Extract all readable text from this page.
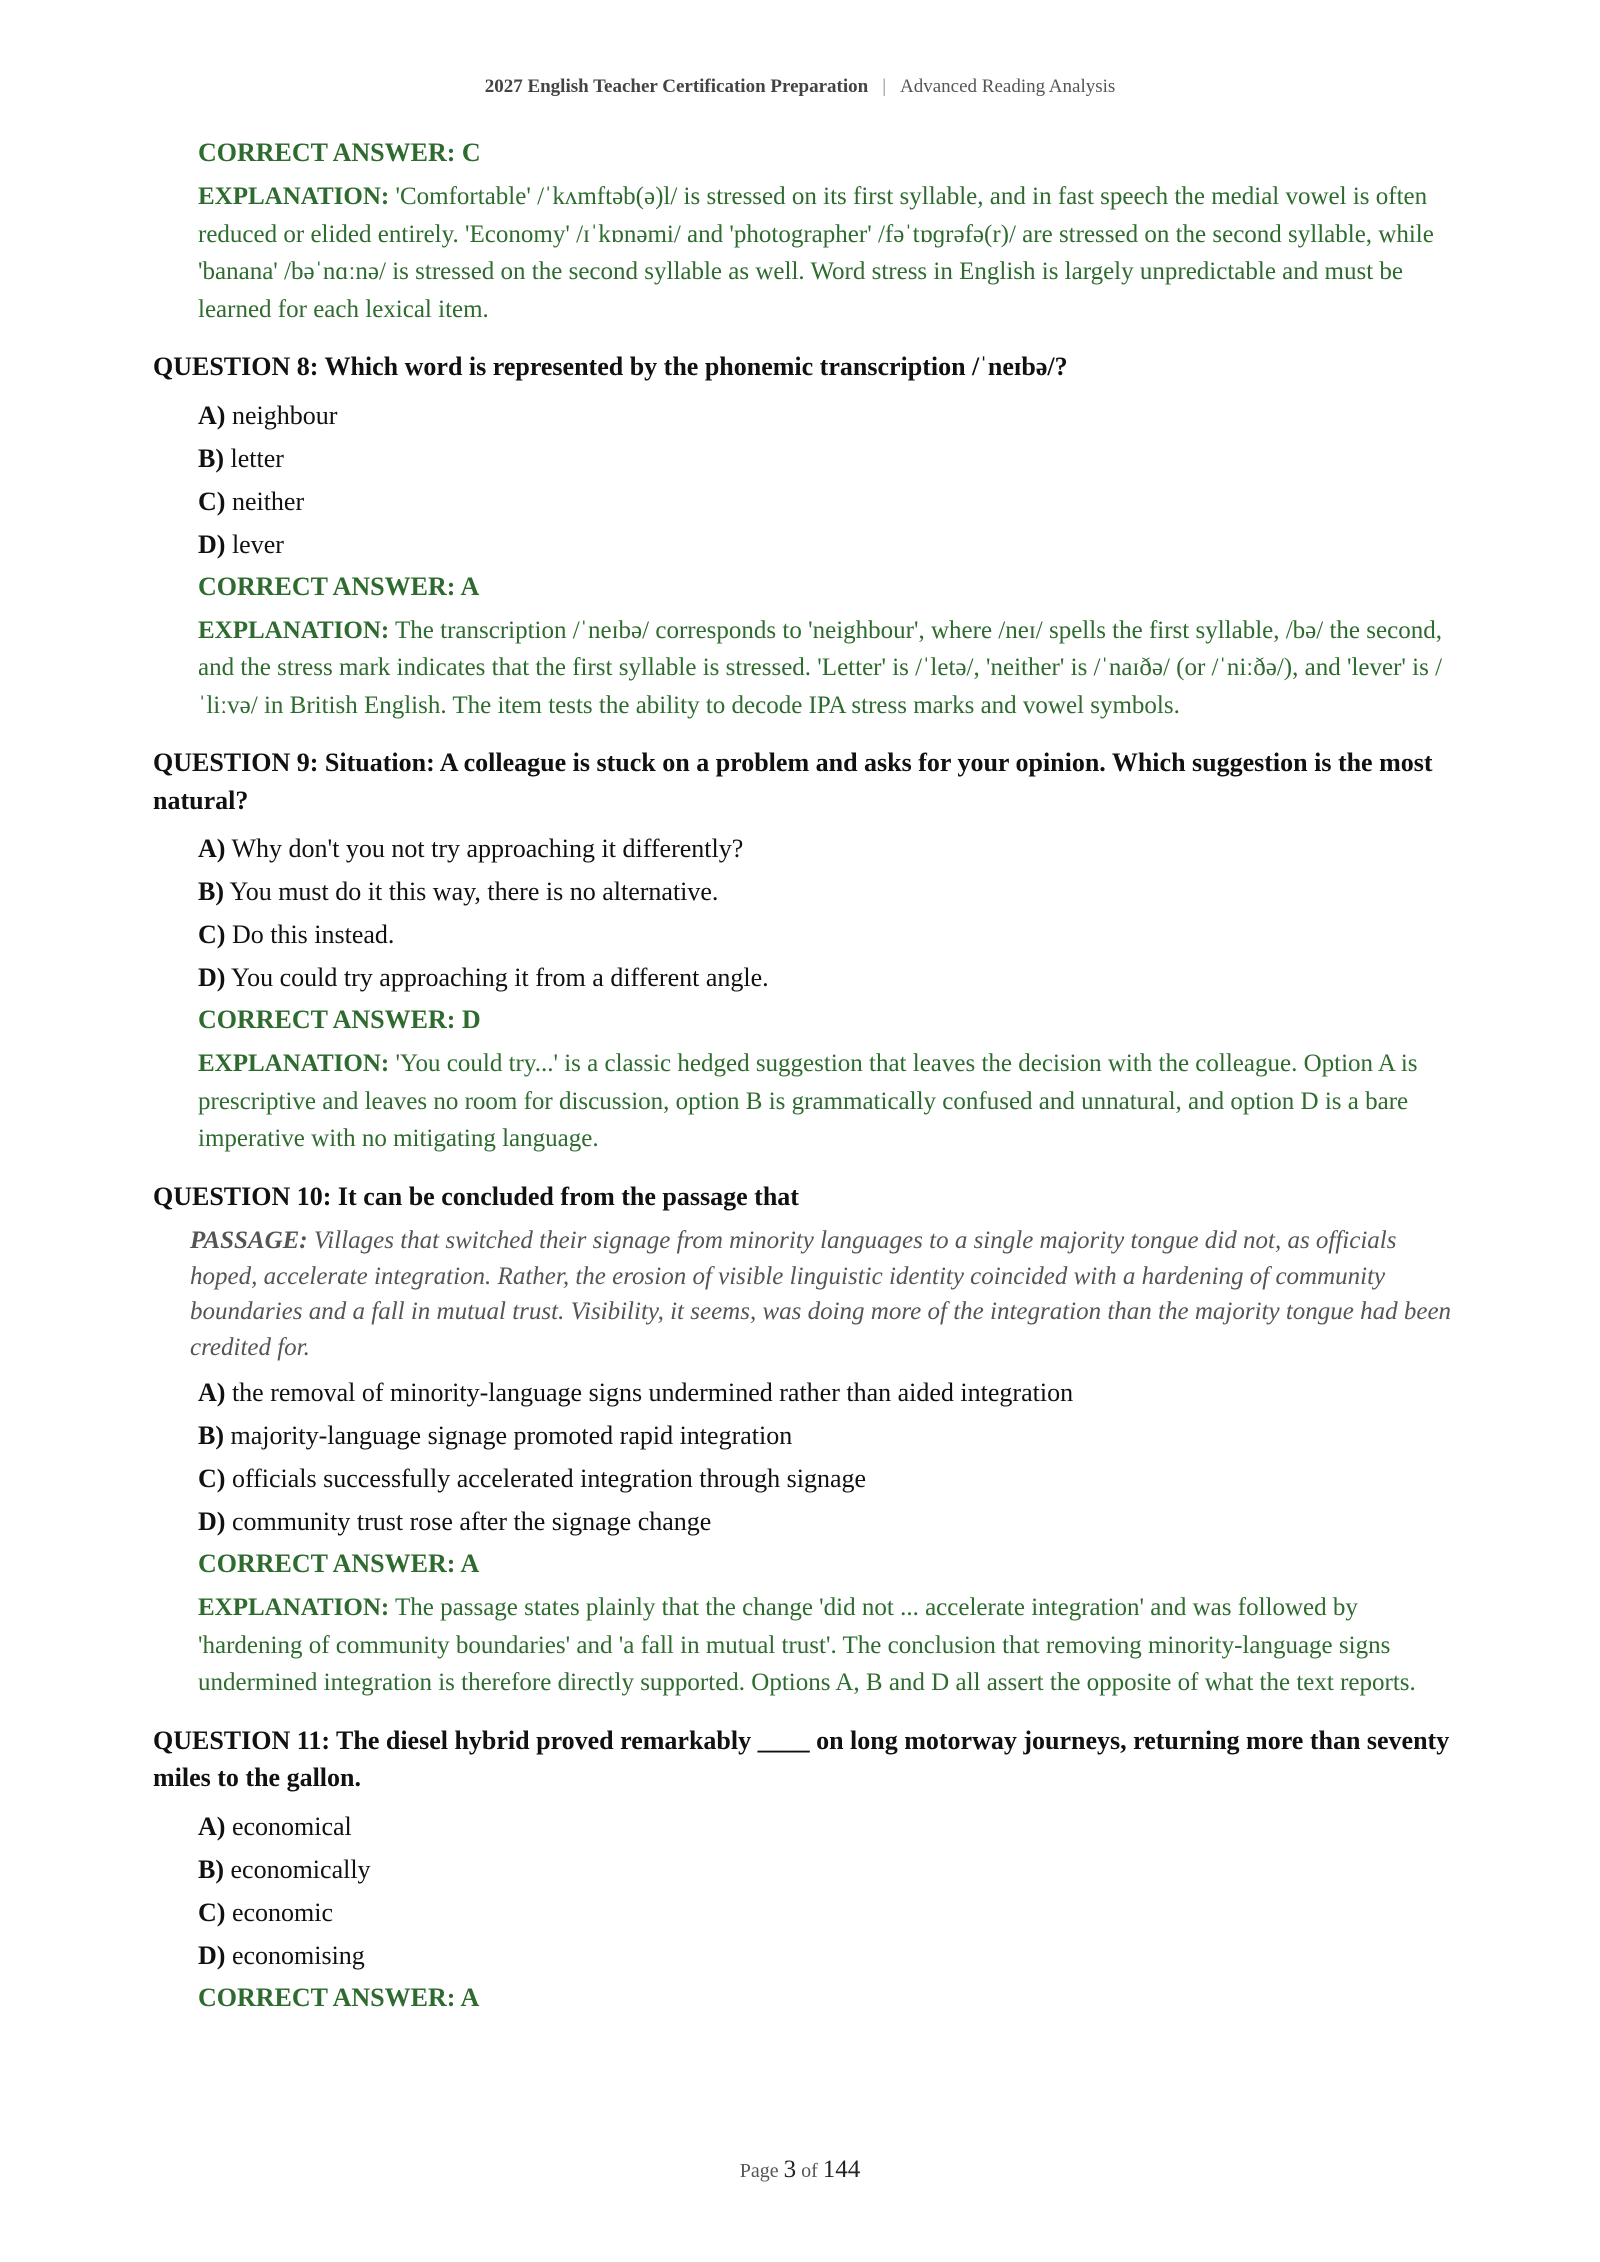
2027 English Teacher Certification Preparation | Advanced Reading Analysis
CORRECT ANSWER: C
EXPLANATION: 'Comfortable' /ˈkʌmftəb(ə)l/ is stressed on its first syllable, and in fast speech the medial vowel is often reduced or elided entirely. 'Economy' /ɪˈkɒnəmi/ and 'photographer' /fəˈtɒɡrəfə(r)/ are stressed on the second syllable, while 'banana' /bəˈnɑːnə/ is stressed on the second syllable as well. Word stress in English is largely unpredictable and must be learned for each lexical item.
QUESTION 8: Which word is represented by the phonemic transcription /ˈneɪbə/?
A) neighbour
B) letter
C) neither
D) lever
CORRECT ANSWER: A
EXPLANATION: The transcription /ˈneɪbə/ corresponds to 'neighbour', where /neɪ/ spells the first syllable, /bə/ the second, and the stress mark indicates that the first syllable is stressed. 'Letter' is /ˈletə/, 'neither' is /ˈnaɪðə/ (or /ˈniːðə/), and 'lever' is /ˈliːvə/ in British English. The item tests the ability to decode IPA stress marks and vowel symbols.
QUESTION 9: Situation: A colleague is stuck on a problem and asks for your opinion. Which suggestion is the most natural?
A) Why don't you not try approaching it differently?
B) You must do it this way, there is no alternative.
C) Do this instead.
D) You could try approaching it from a different angle.
CORRECT ANSWER: D
EXPLANATION: 'You could try...' is a classic hedged suggestion that leaves the decision with the colleague. Option A is prescriptive and leaves no room for discussion, option B is grammatically confused and unnatural, and option D is a bare imperative with no mitigating language.
QUESTION 10: It can be concluded from the passage that
PASSAGE: Villages that switched their signage from minority languages to a single majority tongue did not, as officials hoped, accelerate integration. Rather, the erosion of visible linguistic identity coincided with a hardening of community boundaries and a fall in mutual trust. Visibility, it seems, was doing more of the integration than the majority tongue had been credited for.
A) the removal of minority-language signs undermined rather than aided integration
B) majority-language signage promoted rapid integration
C) officials successfully accelerated integration through signage
D) community trust rose after the signage change
CORRECT ANSWER: A
EXPLANATION: The passage states plainly that the change 'did not ... accelerate integration' and was followed by 'hardening of community boundaries' and 'a fall in mutual trust'. The conclusion that removing minority-language signs undermined integration is therefore directly supported. Options A, B and D all assert the opposite of what the text reports.
QUESTION 11: The diesel hybrid proved remarkably ____ on long motorway journeys, returning more than seventy miles to the gallon.
A) economical
B) economically
C) economic
D) economising
CORRECT ANSWER: A
Page 3 of 144
